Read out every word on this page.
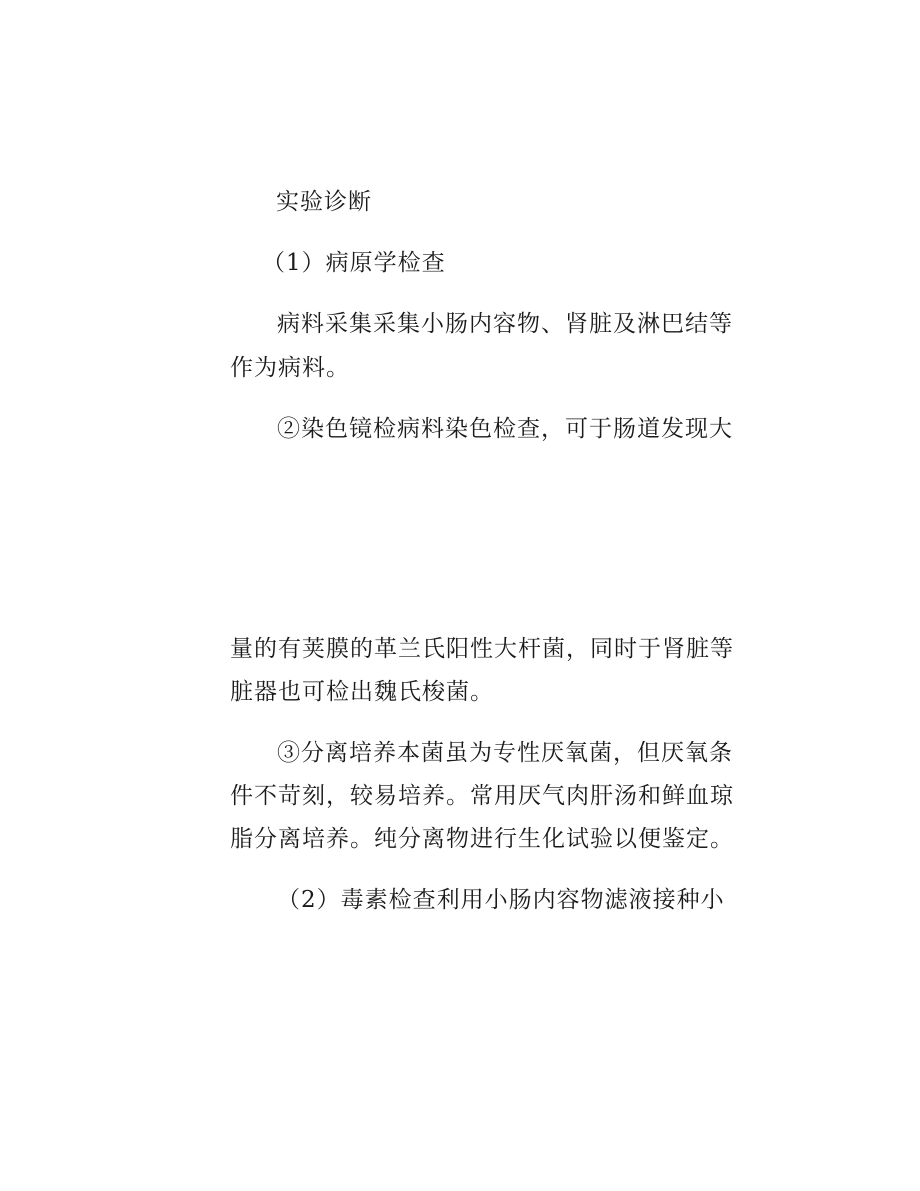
实验诊断
（1）病原学检查
病料采集采集小肠内容物、肾脏及淋巴结等
作为病料。
②染色镜检病料染色检查，可于肠道发现大
量的有荚膜的革兰氏阳性大杆菌，同时于肾脏等
脏器也可检出魏氏梭菌。
③分离培养本菌虽为专性厌氧菌，但厌氧条
件不苛刻，较易培养。常用厌气肉肝汤和鲜血琼
脂分离培养。纯分离物进行生化试验以便鉴定。
（2）毒素检查利用小肠内容物滤液接种小
